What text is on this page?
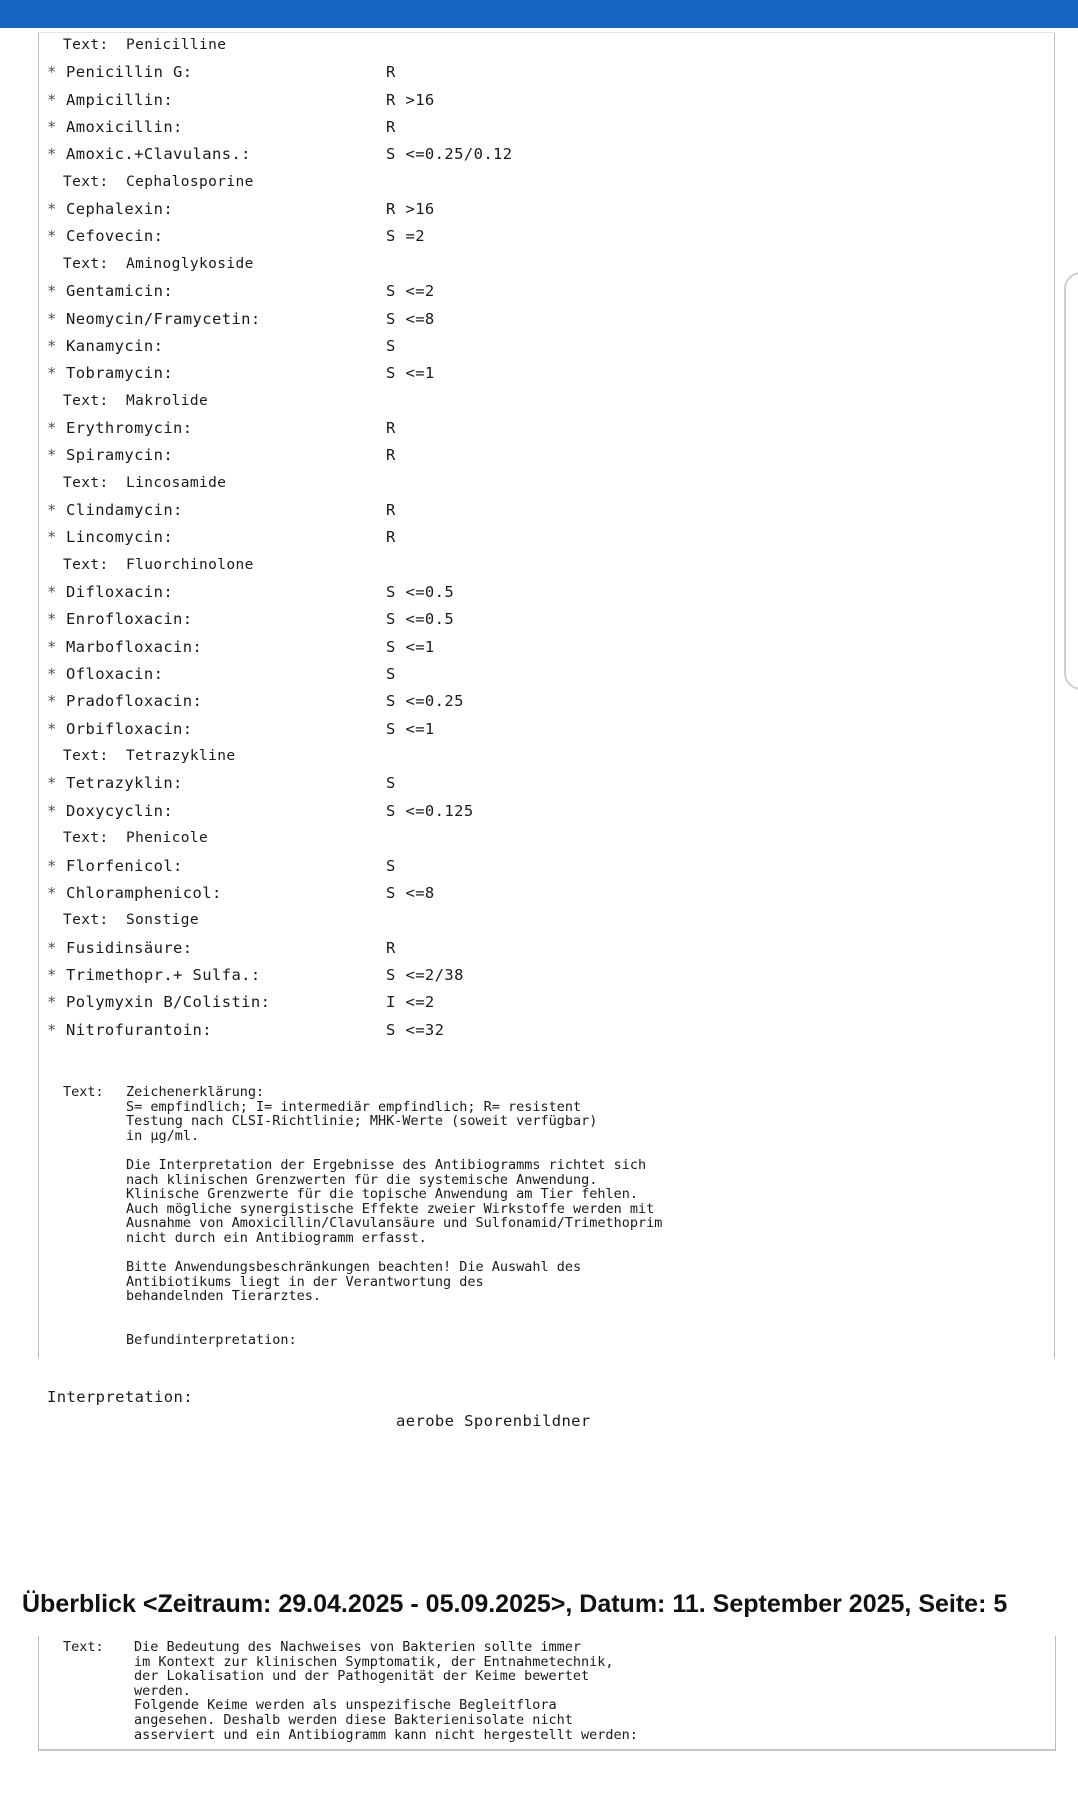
Text: Penicilline
* Penicillin G:	R
* Ampicillin:	R >16
* Amoxicillin:	R
* Amoxic.+Clavulans.:	S <=0.25/0.12
Text: Cephalosporine
* Cephalexin:	R >16
* Cefovecin:	S =2
Text: Aminoglykoside
* Gentamicin:	S <=2
* Neomycin/Framycetin:	S <=8
* Kanamycin:	S
* Tobramycin:	S <=1
Text: Makrolide
* Erythromycin:	R
* Spiramycin:	R
Text: Lincosamide
* Clindamycin:	R
* Lincomycin:	R
Text: Fluorchinolone
* Difloxacin:	S <=0.5
* Enrofloxacin:	S <=0.5
* Marbofloxacin:	S <=1
* Ofloxacin:	S
* Pradofloxacin:	S <=0.25
* Orbifloxacin:	S <=1
Text: Tetrazykline
* Tetrazyklin:	S
* Doxycyclin:	S <=0.125
Text: Phenicole
* Florfenicol:	S
* Chloramphenicol:	S <=8
Text: Sonstige
* Fusidinsäure:	R
* Trimethopr.+ Sulfa.:	S <=2/38
* Polymyxin B/Colistin:	I <=2
* Nitrofurantoin:	S <=32

Text:

Zeichenerklärung:
S= empfindlich; I= intermediär empfindlich; R= resistent
Testung nach CLSI-Richtlinie; MHK-Werte (soweit verfügbar)
in µg/ml.

Die Interpretation der Ergebnisse des Antibiogramms richtet sich
nach klinischen Grenzwerten für die systemische Anwendung.
Klinische Grenzwerte für die topische Anwendung am Tier fehlen.
Auch mögliche synergistische Effekte zweier Wirkstoffe werden mit
Ausnahme von Amoxicillin/Clavulansäure und Sulfonamid/Trimethoprim
nicht durch ein Antibiogramm erfasst.

Bitte Anwendungsbeschränkungen beachten! Die Auswahl des
Antibiotikums liegt in der Verantwortung des
behandelnden Tierarztes.

Befundinterpretation:

Interpretation:

aerobe Sporenbildner

Überblick <Zeitraum: 29.04.2025 - 05.09.2025>, Datum: 11. September 2025, Seite: 5
Text: Die Bedeutung des Nachweises von Bakterien sollte immer
im Kontext zur klinischen Symptomatik, der Entnahmetechnik,
der Lokalisation und der Pathogenität der Keime bewertet
werden.
Folgende Keime werden als unspezifische Begleitflora
angesehen. Deshalb werden diese Bakterienisolate nicht
asserviert und ein Antibiogramm kann nicht hergestellt werden:
